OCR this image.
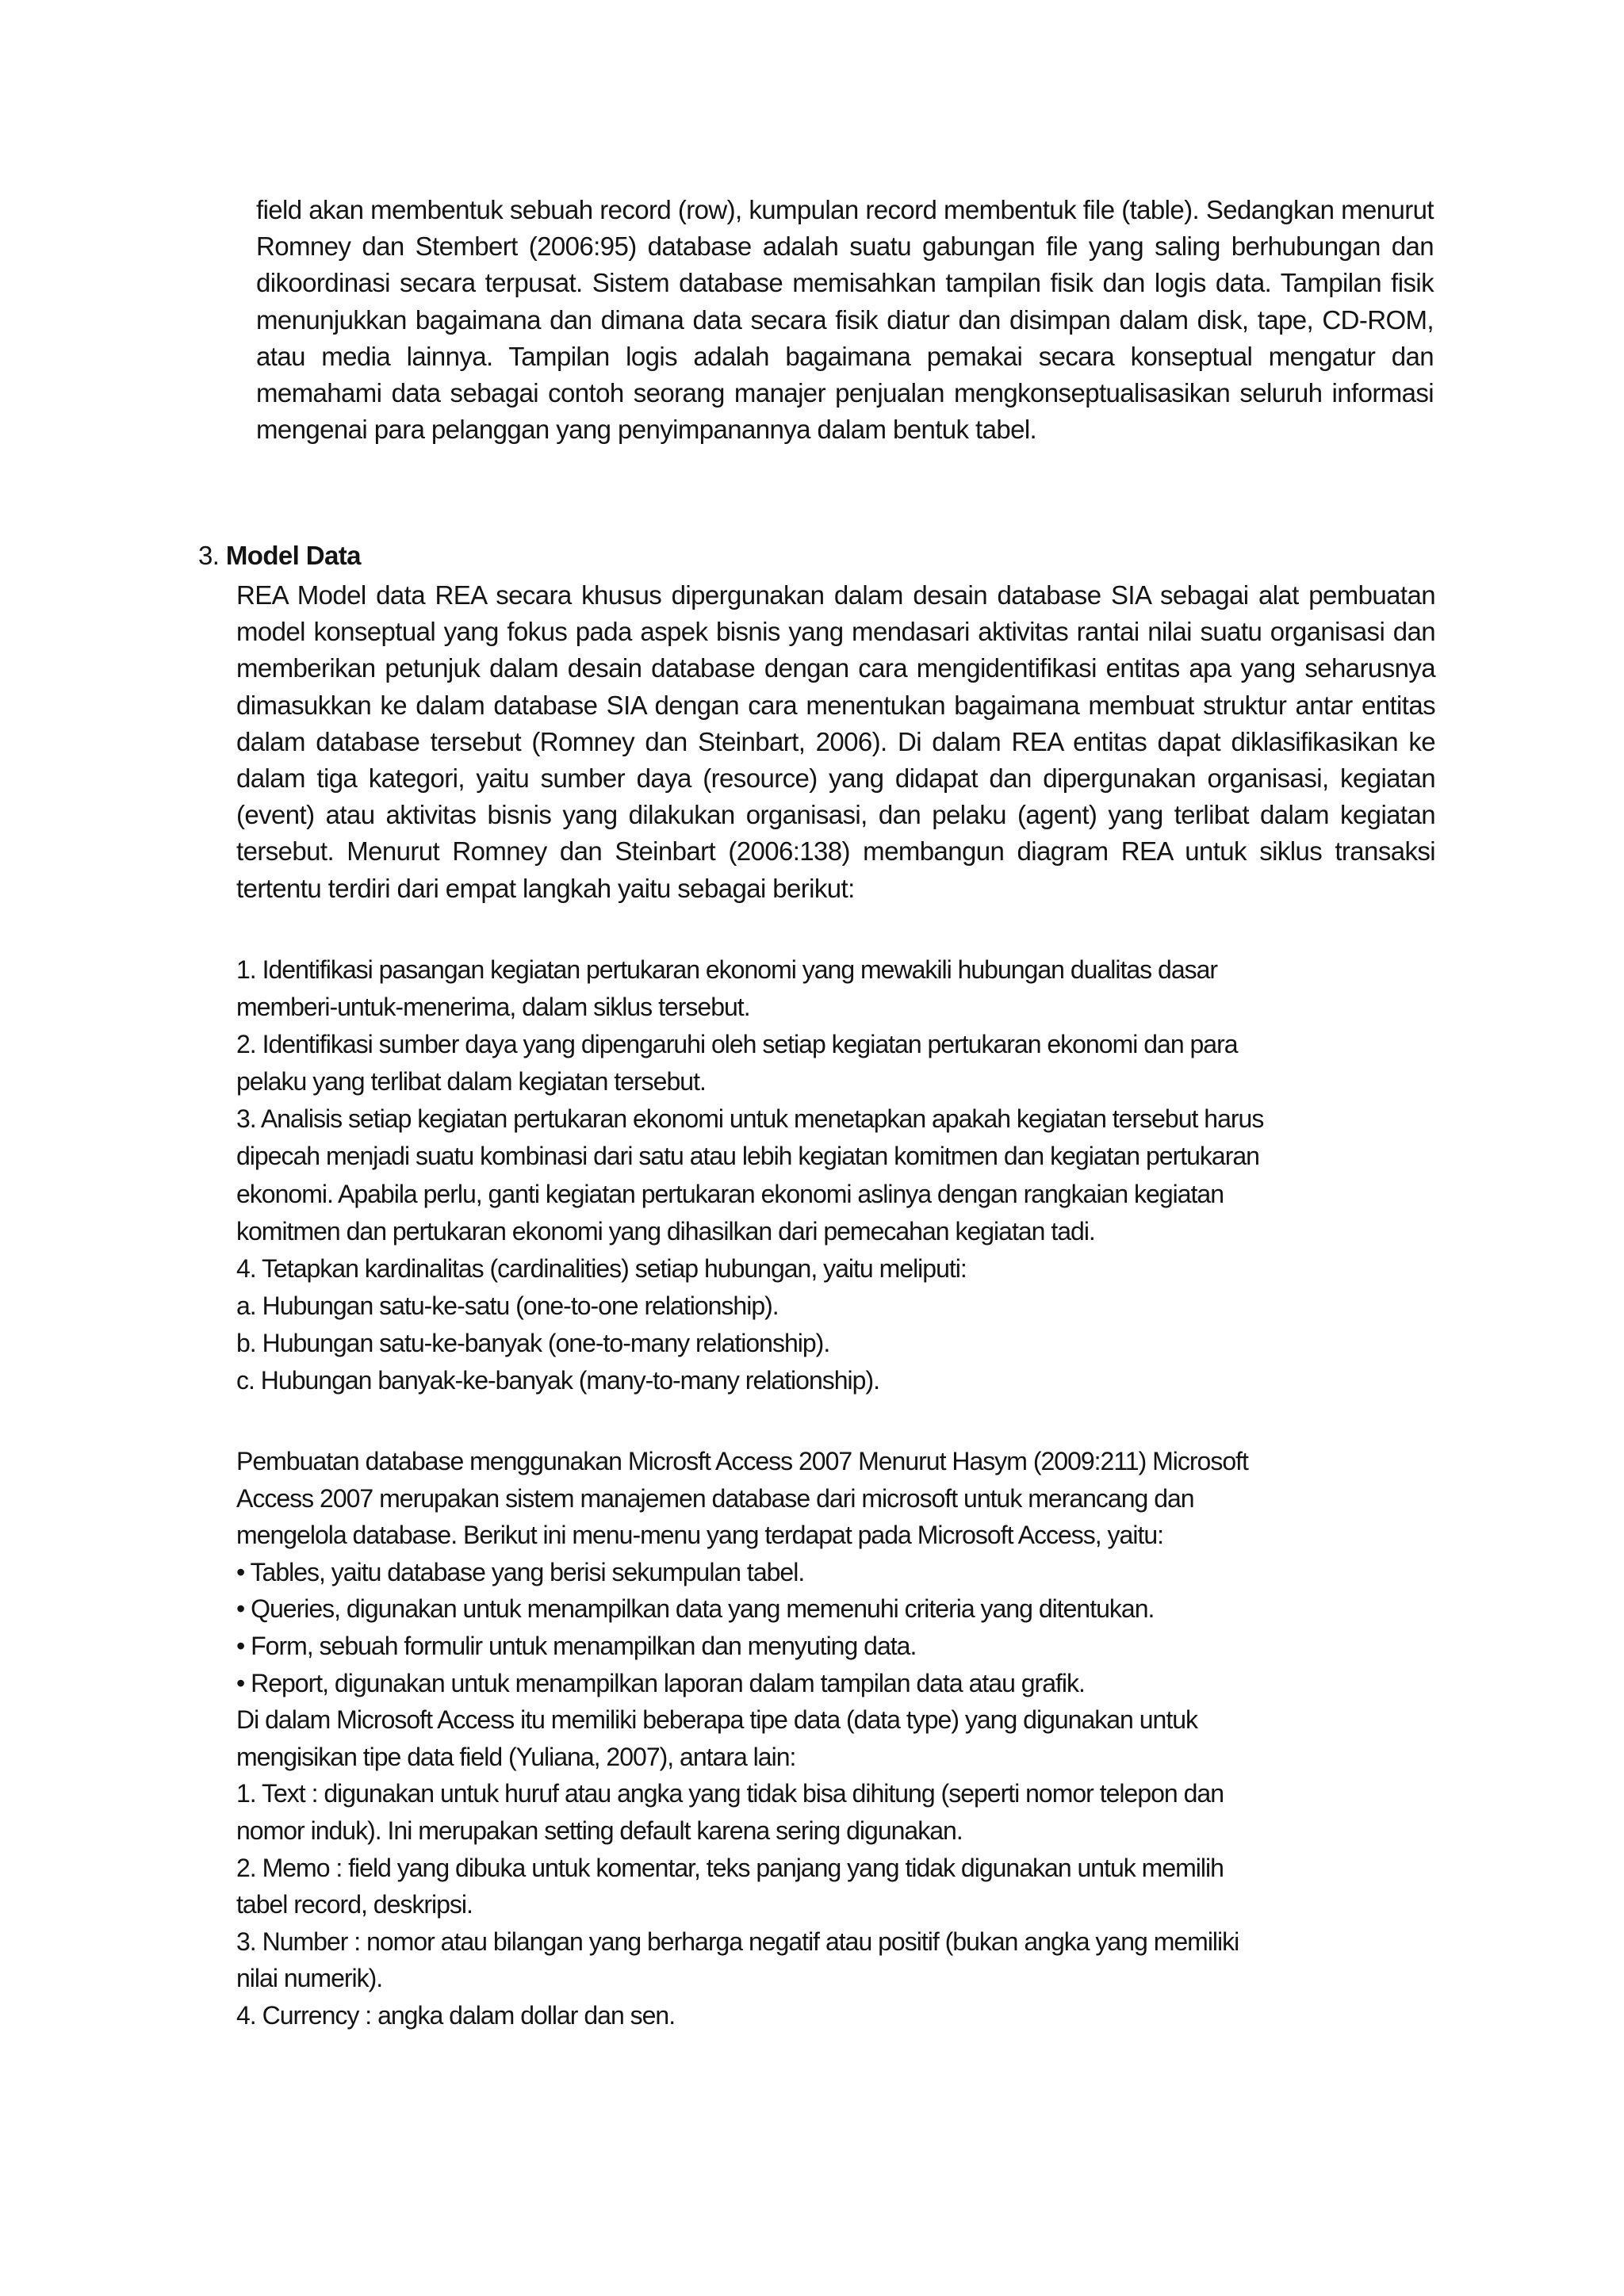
field akan membentuk sebuah record (row), kumpulan record membentuk file (table). Sedangkan menurut Romney dan Stembert (2006:95) database adalah suatu gabungan file yang saling berhubungan dan dikoordinasi secara terpusat. Sistem database memisahkan tampilan fisik dan logis data. Tampilan fisik menunjukkan bagaimana dan dimana data secara fisik diatur dan disimpan dalam disk, tape, CD-ROM, atau media lainnya. Tampilan logis adalah bagaimana pemakai secara konseptual mengatur dan memahami data sebagai contoh seorang manajer penjualan mengkonseptualisasikan seluruh informasi mengenai para pelanggan yang penyimpanannya dalam bentuk tabel.

3. Model Data

REA Model data REA secara khusus dipergunakan dalam desain database SIA sebagai alat pembuatan model konseptual yang fokus pada aspek bisnis yang mendasari aktivitas rantai nilai suatu organisasi dan memberikan petunjuk dalam desain database dengan cara mengidentifikasi entitas apa yang seharusnya dimasukkan ke dalam database SIA dengan cara menentukan bagaimana membuat struktur antar entitas dalam database tersebut (Romney dan Steinbart, 2006). Di dalam REA entitas dapat diklasifikasikan ke dalam tiga kategori, yaitu sumber daya (resource) yang didapat dan dipergunakan organisasi, kegiatan (event) atau aktivitas bisnis yang dilakukan organisasi, dan pelaku (agent) yang terlibat dalam kegiatan tersebut. Menurut Romney dan Steinbart (2006:138) membangun diagram REA untuk siklus transaksi tertentu terdiri dari empat langkah yaitu sebagai berikut:

1. Identifikasi pasangan kegiatan pertukaran ekonomi yang mewakili hubungan dualitas dasar
memberi-untuk-menerima, dalam siklus tersebut.
2. Identifikasi sumber daya yang dipengaruhi oleh setiap kegiatan pertukaran ekonomi dan para
pelaku yang terlibat dalam kegiatan tersebut.
3. Analisis setiap kegiatan pertukaran ekonomi untuk menetapkan apakah kegiatan tersebut harus
dipecah menjadi suatu kombinasi dari satu atau lebih kegiatan komitmen dan kegiatan pertukaran
ekonomi. Apabila perlu, ganti kegiatan pertukaran ekonomi aslinya dengan rangkaian kegiatan
komitmen dan pertukaran ekonomi yang dihasilkan dari pemecahan kegiatan tadi.
4. Tetapkan kardinalitas (cardinalities) setiap hubungan, yaitu meliputi:
a. Hubungan satu-ke-satu (one-to-one relationship).
b. Hubungan satu-ke-banyak (one-to-many relationship).
c. Hubungan banyak-ke-banyak (many-to-many relationship).
Pembuatan database menggunakan Microsft Access 2007 Menurut Hasym (2009:211) Microsoft
Access 2007 merupakan sistem manajemen database dari microsoft untuk merancang dan
mengelola database. Berikut ini menu-menu yang terdapat pada Microsoft Access, yaitu:
• Tables, yaitu database yang berisi sekumpulan tabel.
• Queries, digunakan untuk menampilkan data yang memenuhi criteria yang ditentukan.
• Form, sebuah formulir untuk menampilkan dan menyuting data.
• Report, digunakan untuk menampilkan laporan dalam tampilan data atau grafik.
Di dalam Microsoft Access itu memiliki beberapa tipe data (data type) yang digunakan untuk
mengisikan tipe data field (Yuliana, 2007), antara lain:
1. Text : digunakan untuk huruf atau angka yang tidak bisa dihitung (seperti nomor telepon dan
nomor induk). Ini merupakan setting default karena sering digunakan.
2. Memo : field yang dibuka untuk komentar, teks panjang yang tidak digunakan untuk memilih
tabel record, deskripsi.
3. Number : nomor atau bilangan yang berharga negatif atau positif (bukan angka yang memiliki
nilai numerik).
4. Currency : angka dalam dollar dan sen.
